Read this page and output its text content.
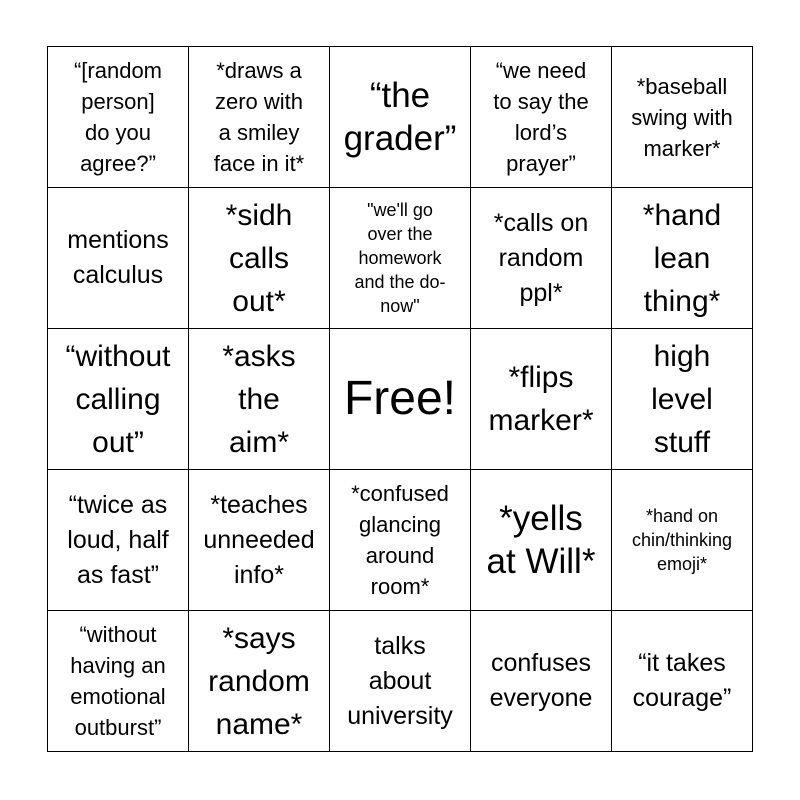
“[random
person]
do you
agree?”
*draws a
zero with
a smiley
face in it*
“the
grader”
“we need
to say the
lord’s
prayer”
*baseball
swing with
marker*
mentions
calculus
*sidh
calls
out*
"we'll go
over the
homework
and the do-
now"
*calls on
random
ppl*
*hand
lean
thing*
“without
calling
out”
*asks
the
aim*
Free!	*flips
marker*
high
level
stuff
“twice as
loud, half
as fast”
*teaches
unneeded
info*
*confused
glancing
around
room*
*yells
at Will*
*hand on
chin/thinking
emoji*
“without
having an
emotional
outburst”
*says
random
name*
talks
about
university
confuses
everyone
“it takes
courage”
